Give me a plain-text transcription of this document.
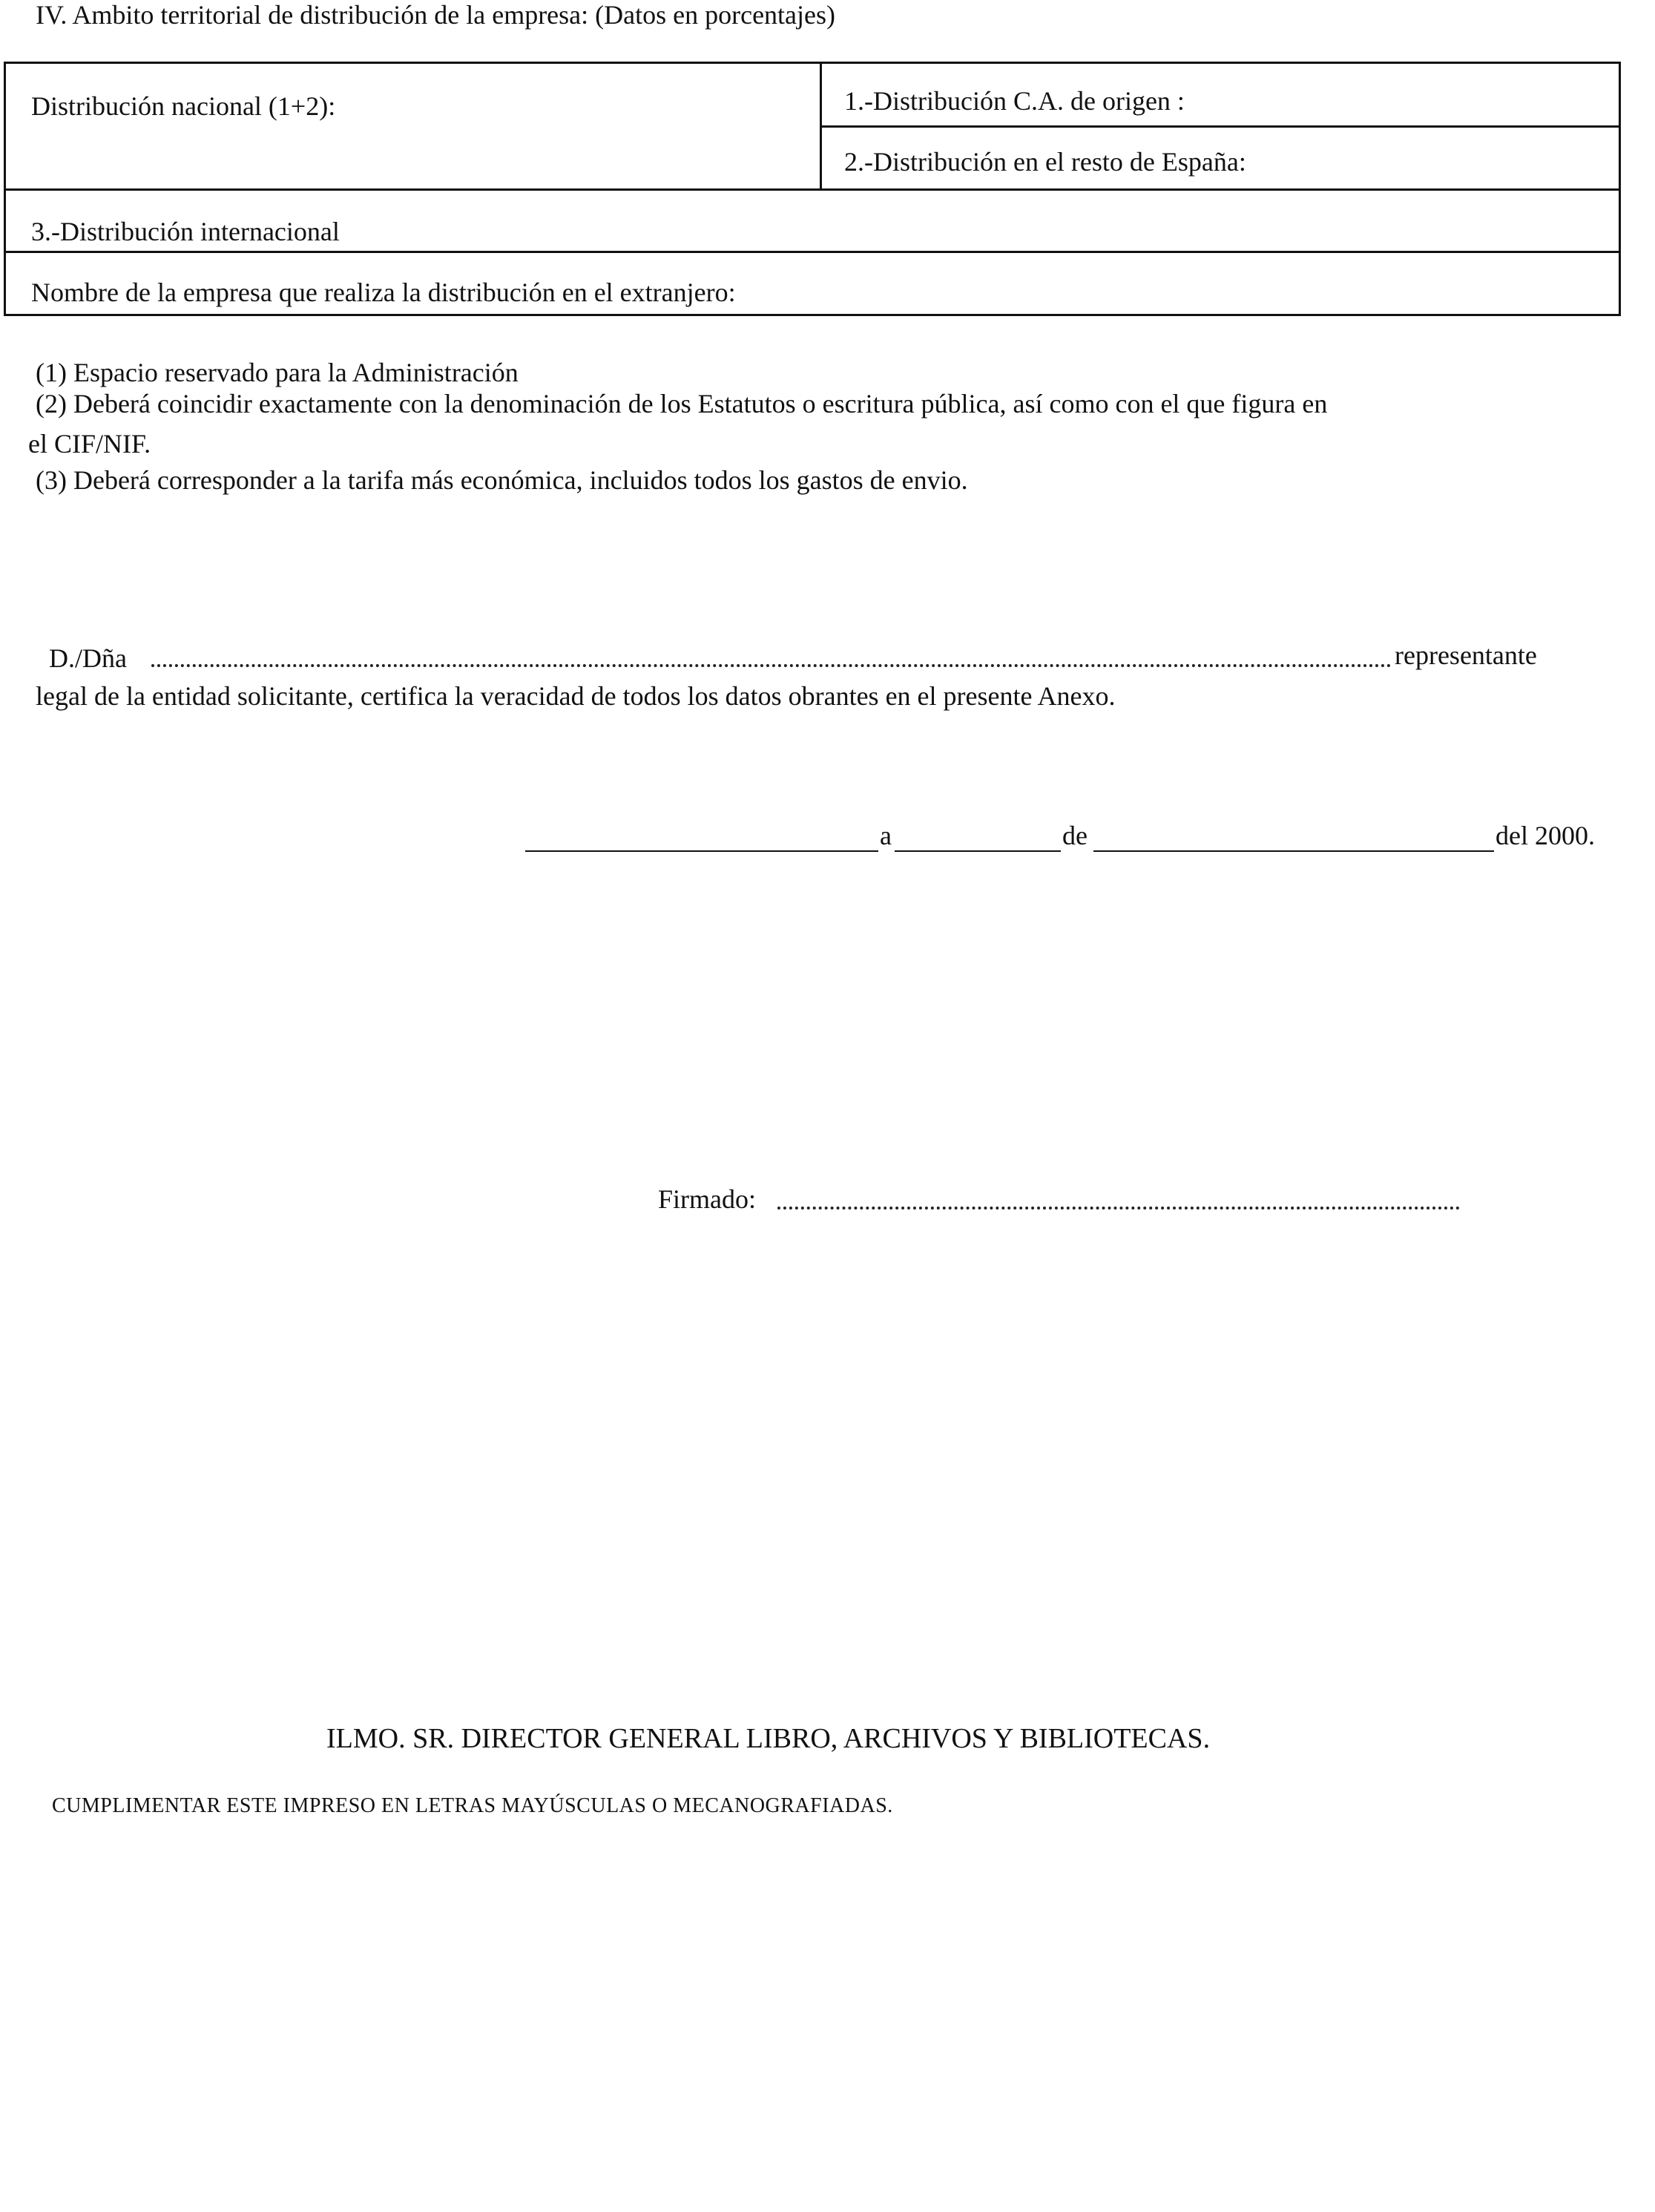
IV. Ambito territorial de distribución de la empresa: (Datos en porcentajes)
Distribución nacional (1+2):	1.-Distribución C.A. de origen :
2.-Distribución en el resto de España:
3.-Distribución internacional
Nombre de la empresa que realiza la distribución en el extranjero:
(1) Espacio reservado para la Administración
(2) Deberá coincidir exactamente con la denominación de los Estatutos o escritura pública, así como con el que figura en
el CIF/NIF.
(3) Deberá corresponder a la tarifa más económica, incluidos todos los gastos de envio.
D./Dña	representante
legal de la entidad solicitante, certifica la veracidad de todos los datos obrantes en el presente Anexo.
a	de	del 2000.
Firmado:
ILMO. SR. DIRECTOR GENERAL LIBRO, ARCHIVOS Y BIBLIOTECAS.
CUMPLIMENTAR ESTE IMPRESO EN LETRAS MAYÚSCULAS O MECANOGRAFIADAS.
